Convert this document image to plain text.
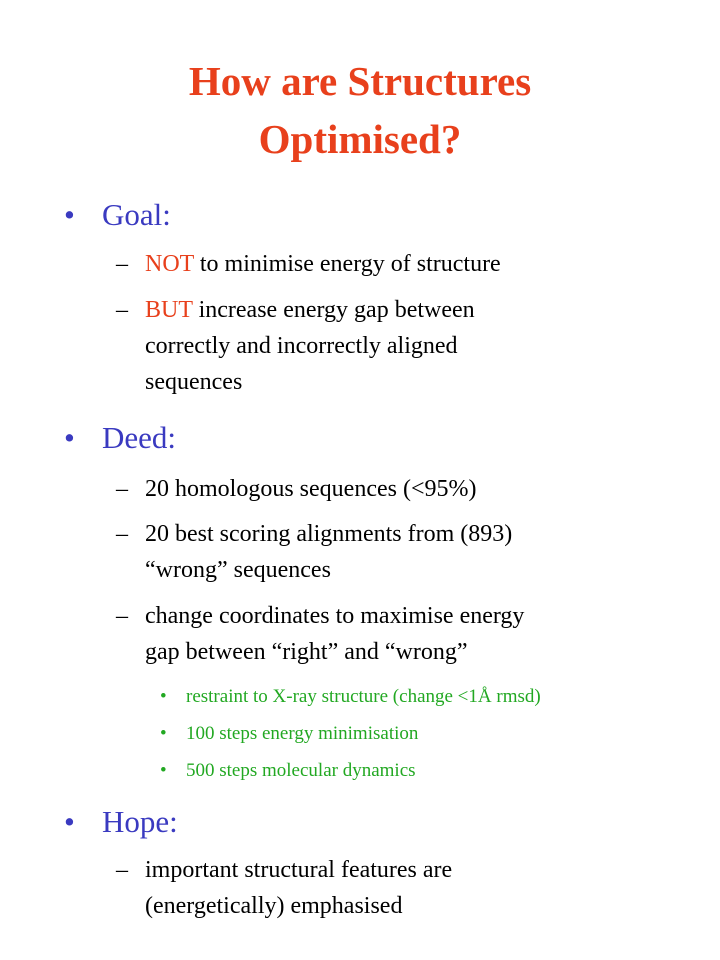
How are Structures
Optimised?
• Goal:
– NOT to minimise energy of structure
– BUT increase energy gap between
correctly and incorrectly aligned
sequences
• Deed:
– 20 homologous sequences (<95%)
– 20 best scoring alignments from (893)
“wrong” sequences
– change coordinates to maximise energy
gap between “right” and “wrong”
• restraint to X-ray structure (change <1Å rmsd)
• 100 steps energy minimisation
• 500 steps molecular dynamics
• Hope:
– important structural features are
(energetically) emphasised
